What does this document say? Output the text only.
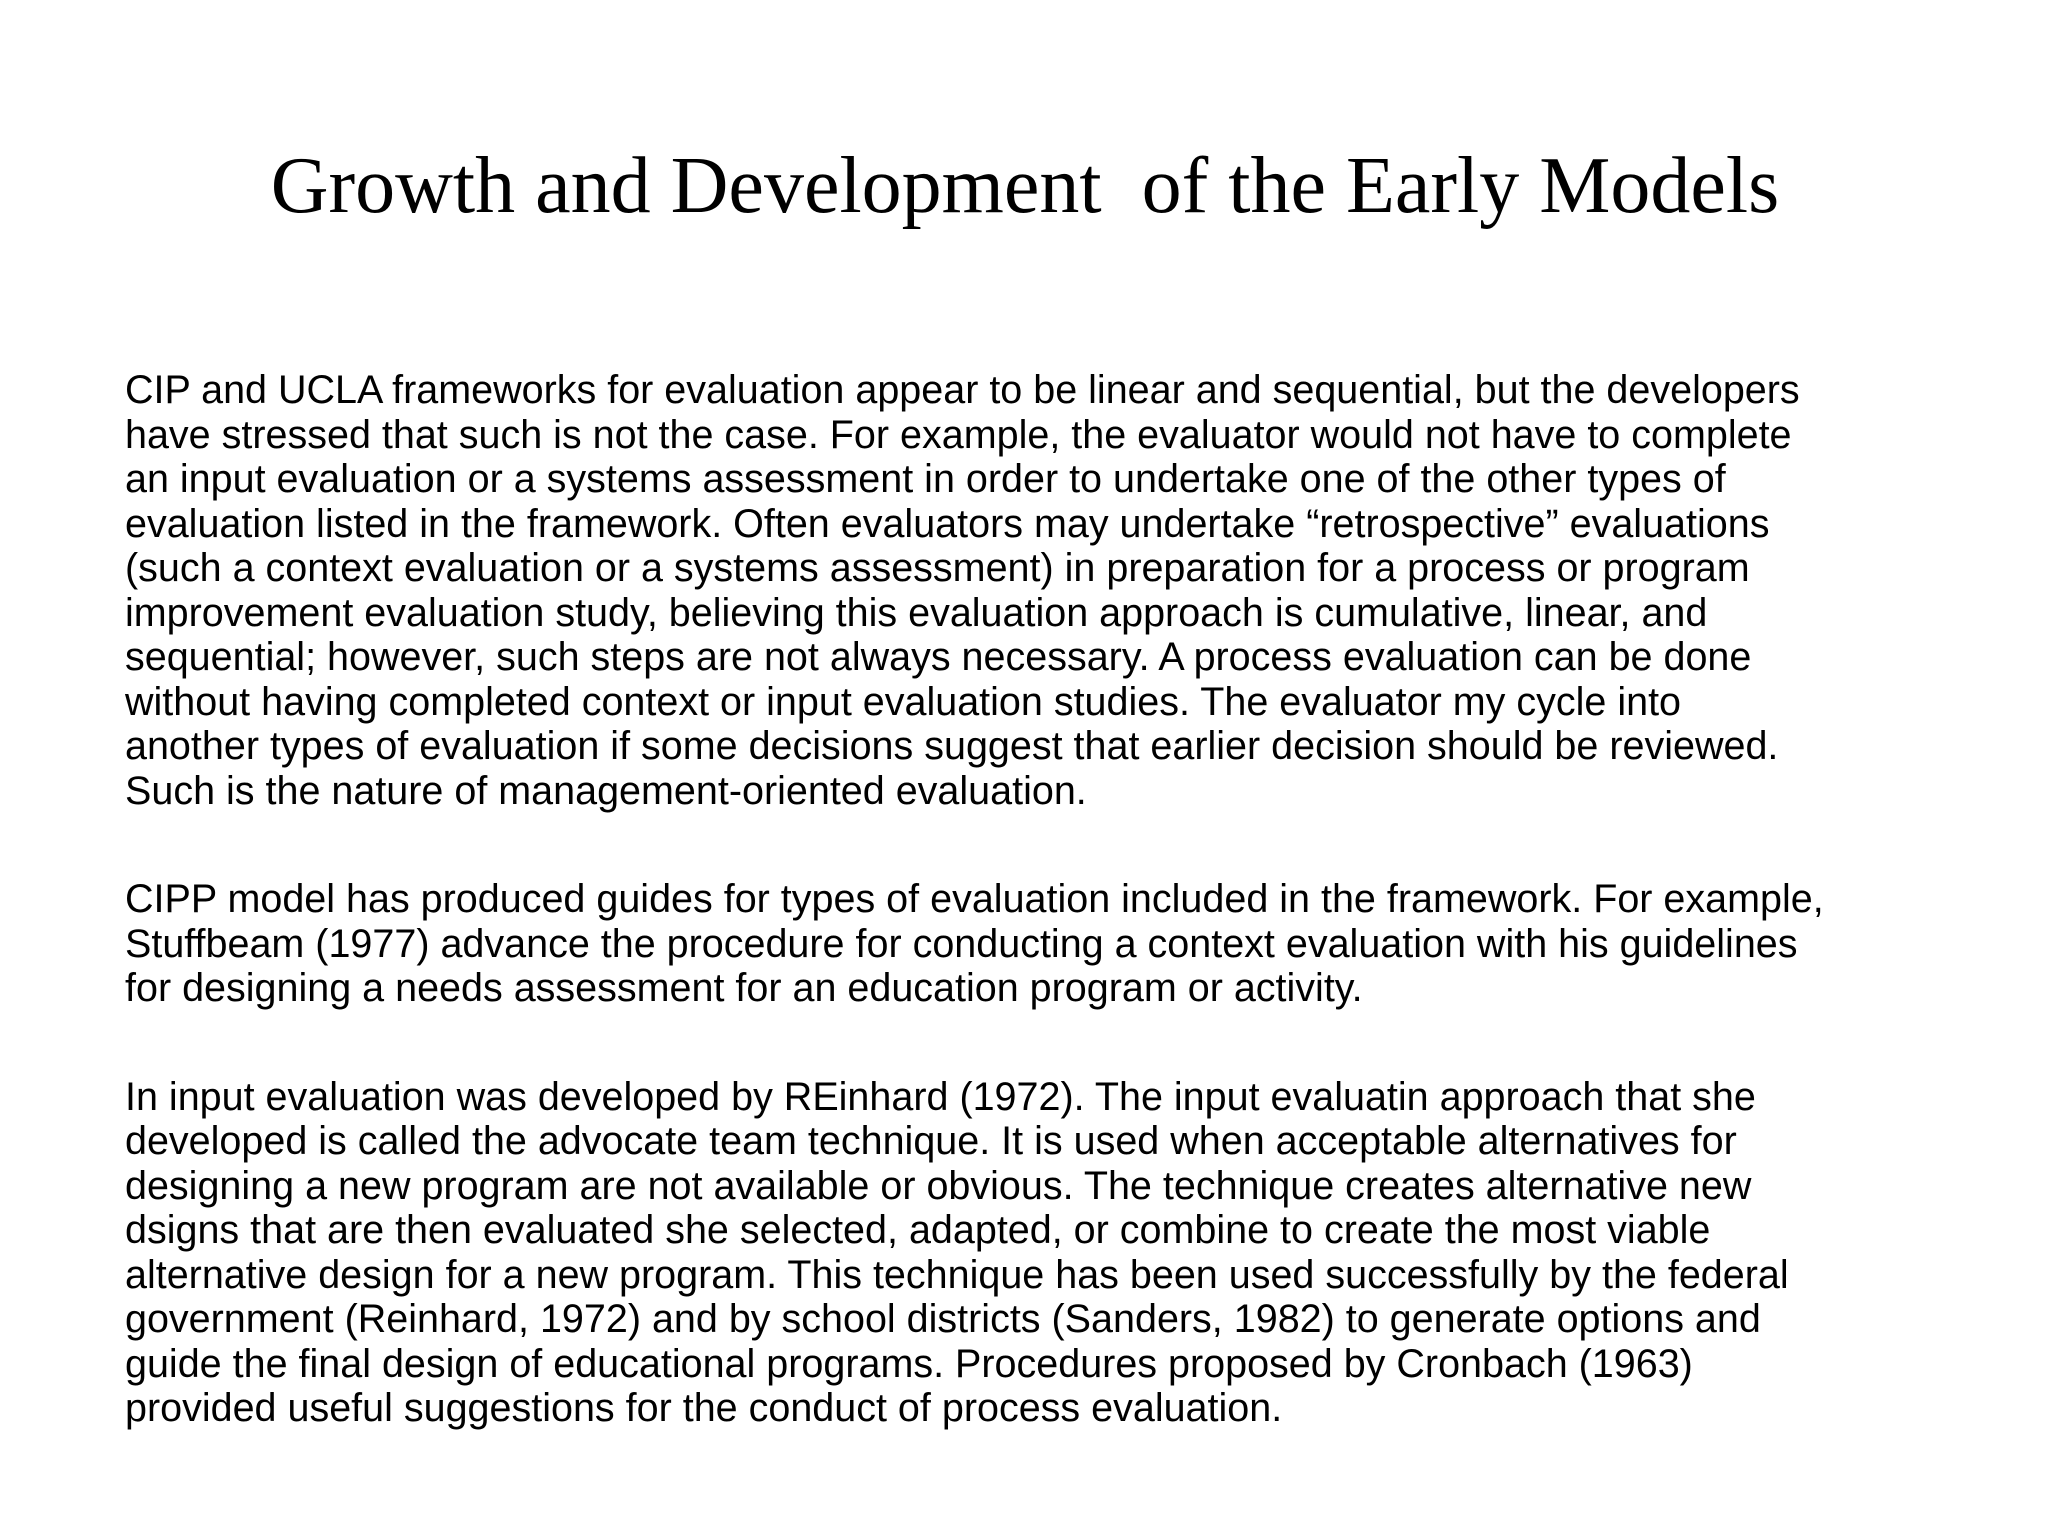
Growth and Development  of the Early Models

CIP and UCLA frameworks for evaluation appear to be linear and sequential, but the developers
have stressed that such is not the case. For example, the evaluator would not have to complete
an input evaluation or a systems assessment in order to undertake one of the other types of
evaluation listed in the framework. Often evaluators may undertake “retrospective” evaluations
(such a context evaluation or a systems assessment) in preparation for a process or program
improvement evaluation study, believing this evaluation approach is cumulative, linear, and
sequential; however, such steps are not always necessary. A process evaluation can be done
without having completed context or input evaluation studies. The evaluator my cycle into
another types of evaluation if some decisions suggest that earlier decision should be reviewed.
Such is the nature of management-oriented evaluation.

CIPP model has produced guides for types of evaluation included in the framework. For example,
Stuffbeam (1977) advance the procedure for conducting a context evaluation with his guidelines
for designing a needs assessment for an education program or activity.

In input evaluation was developed by REinhard (1972). The input evaluatin approach that she
developed is called the advocate team technique. It is used when acceptable alternatives for
designing a new program are not available or obvious. The technique creates alternative new
dsigns that are then evaluated she selected, adapted, or combine to create the most viable
alternative design for a new program. This technique has been used successfully by the federal
government (Reinhard, 1972) and by school districts (Sanders, 1982) to generate options and
guide the final design of educational programs. Procedures proposed by Cronbach (1963)
provided useful suggestions for the conduct of process evaluation.
